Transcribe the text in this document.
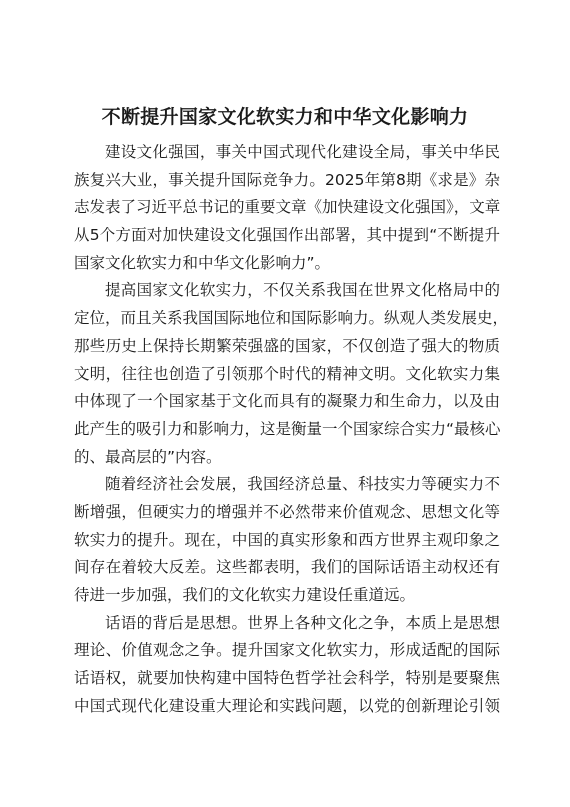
不断提升国家文化软实力和中华文化影响力
建设文化强国，事关中国式现代化建设全局，事关中华民
族复兴大业，事关提升国际竞争力。2025年第8期《求是》杂
志发表了习近平总书记的重要文章《加快建设文化强国》，文章
从5个方面对加快建设文化强国作出部署，其中提到“不断提升
国家文化软实力和中华文化影响力”。
提高国家文化软实力，不仅关系我国在世界文化格局中的
定位，而且关系我国国际地位和国际影响力。纵观人类发展史，
那些历史上保持长期繁荣强盛的国家，不仅创造了强大的物质
文明，往往也创造了引领那个时代的精神文明。文化软实力集
中体现了一个国家基于文化而具有的凝聚力和生命力，以及由
此产生的吸引力和影响力，这是衡量一个国家综合实力“最核心
的、最高层的”内容。
随着经济社会发展，我国经济总量、科技实力等硬实力不
断增强，但硬实力的增强并不必然带来价值观念、思想文化等
软实力的提升。现在，中国的真实形象和西方世界主观印象之
间存在着较大反差。这些都表明，我们的国际话语主动权还有
待进一步加强，我们的文化软实力建设任重道远。
话语的背后是思想。世界上各种文化之争，本质上是思想
理论、价值观念之争。提升国家文化软实力，形成适配的国际
话语权，就要加快构建中国特色哲学社会科学，特别是要聚焦
中国式现代化建设重大理论和实践问题，以党的创新理论引领
